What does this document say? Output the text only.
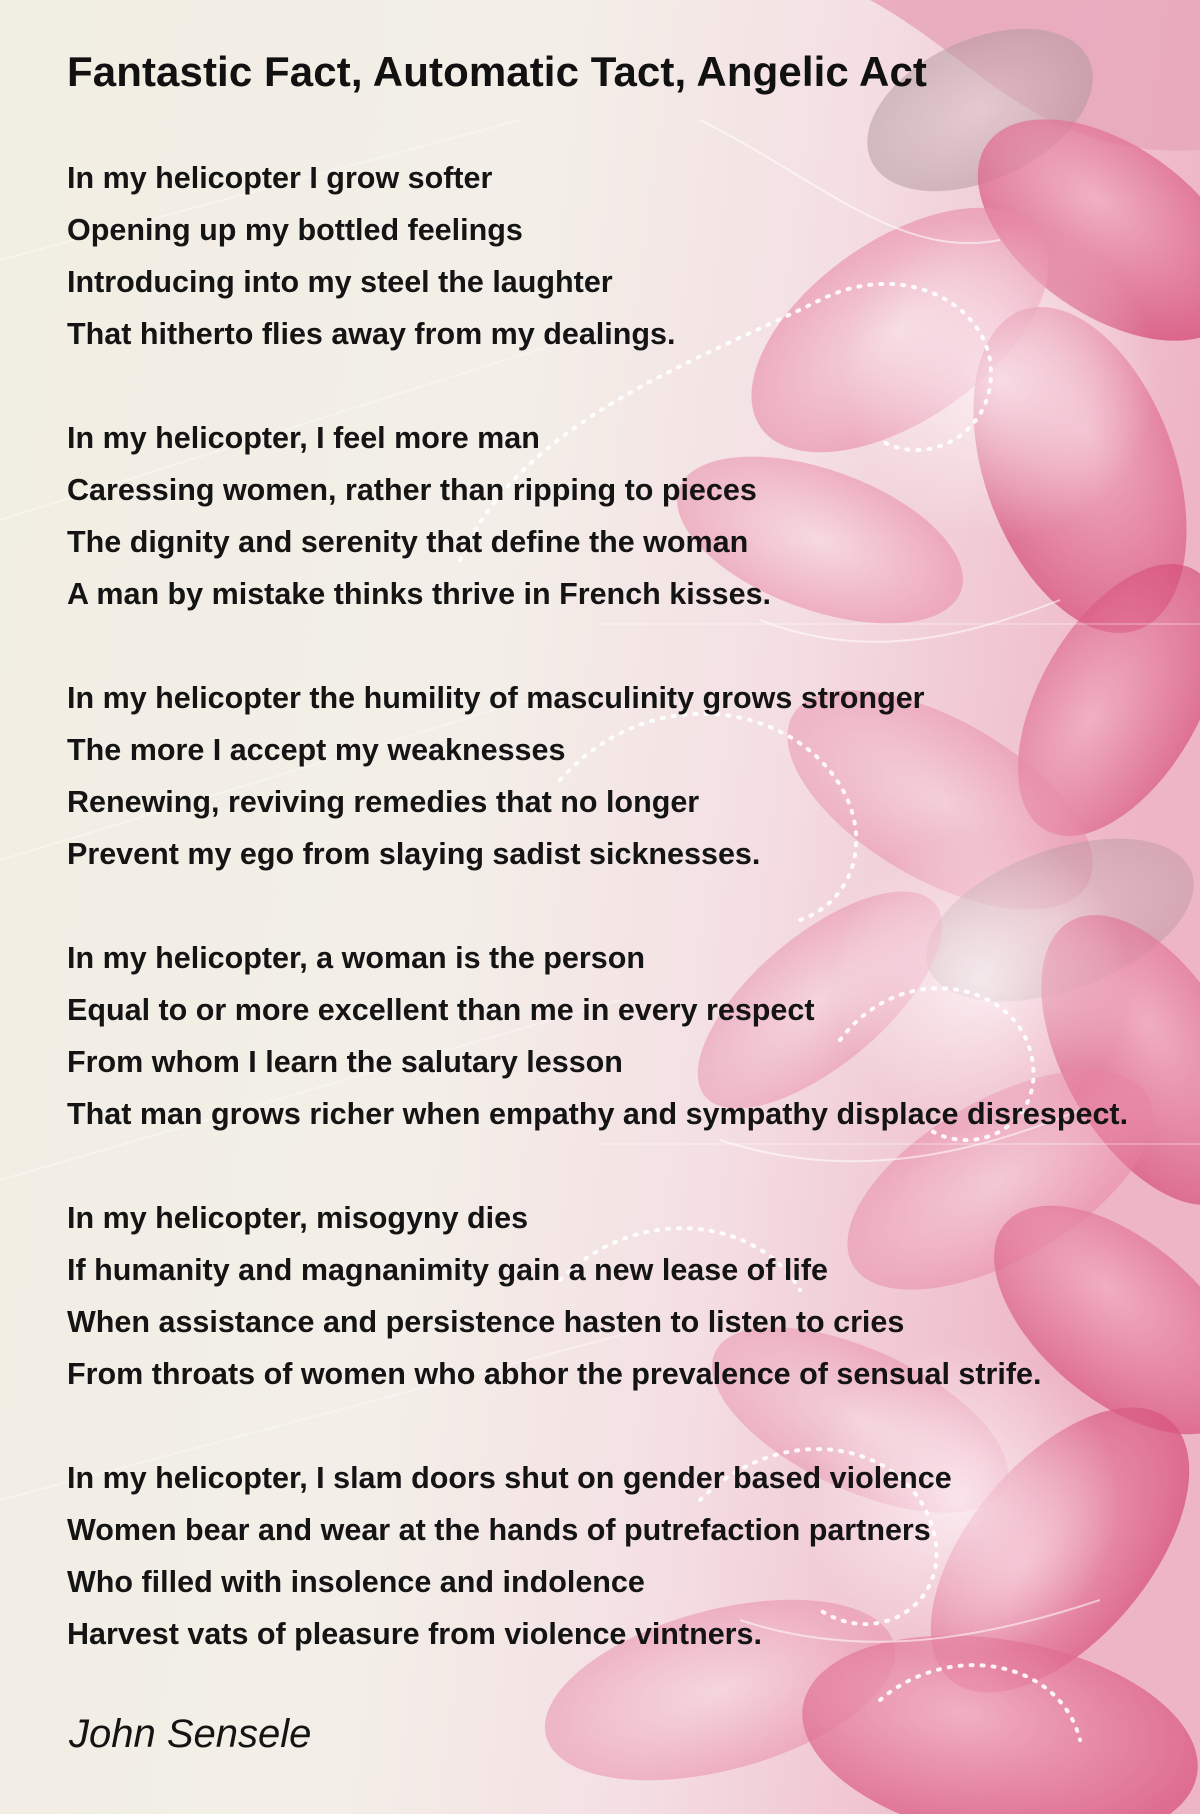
Fantastic Fact, Automatic Tact, Angelic Act
In my helicopter I grow softer
Opening up my bottled feelings
Introducing into my steel the laughter
That hitherto flies away from my dealings.
In my helicopter, I feel more man
Caressing women, rather than ripping to pieces
The dignity and serenity that define the woman
A man by mistake thinks thrive in French kisses.
In my helicopter the humility of masculinity grows stronger
The more I accept my weaknesses
Renewing, reviving remedies that no longer
Prevent my ego from slaying sadist sicknesses.
In my helicopter, a woman is the person
Equal to or more excellent than me in every respect
From whom I learn the salutary lesson
That man grows richer when empathy and sympathy displace disrespect.
In my helicopter, misogyny dies
If humanity and magnanimity gain a new lease of life
When assistance and persistence hasten to listen to cries
From throats of women who abhor the prevalence of sensual strife.
In my helicopter, I slam doors shut on gender based violence
Women bear and wear at the hands of putrefaction partners
Who filled with insolence and indolence
Harvest vats of pleasure from violence vintners.
John Sensele
